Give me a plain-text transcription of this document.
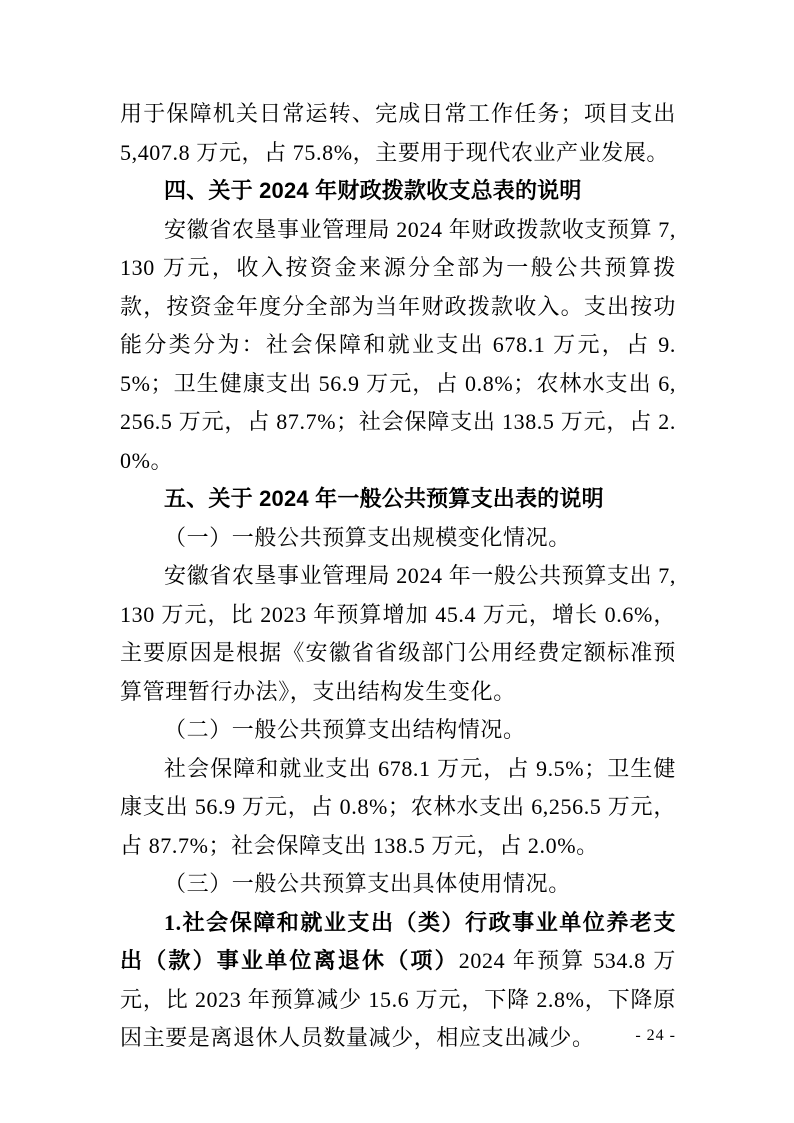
用于保障机关日常运转、完成日常工作任务；项目支出 5,407.8 万元，占 75.8%，主要用于现代农业产业发展。

四、关于 2024 年财政拨款收支总表的说明

安徽省农垦事业管理局 2024 年财政拨款收支预算 7,130 万元，收入按资金来源分全部为一般公共预算拨款，按资金年度分全部为当年财政拨款收入。支出按功能分类分为：社会保障和就业支出 678.1 万元，占 9.5%；卫生健康支出 56.9 万元，占 0.8%；农林水支出 6,256.5 万元，占 87.7%；社会保障支出 138.5 万元，占 2.0%。

五、关于 2024 年一般公共预算支出表的说明

（一）一般公共预算支出规模变化情况。

安徽省农垦事业管理局 2024 年一般公共预算支出 7,130 万元，比 2023 年预算增加 45.4 万元，增长 0.6%，主要原因是根据《安徽省省级部门公用经费定额标准预算管理暂行办法》，支出结构发生变化。

（二）一般公共预算支出结构情况。

社会保障和就业支出 678.1 万元，占 9.5%；卫生健康支出 56.9 万元，占 0.8%；农林水支出 6,256.5 万元，占 87.7%；社会保障支出 138.5 万元，占 2.0%。

（三）一般公共预算支出具体使用情况。

1.社会保障和就业支出（类）行政事业单位养老支出（款）事业单位离退休（项）2024 年预算 534.8 万元，比 2023 年预算减少 15.6 万元，下降 2.8%，下降原因主要是离退休人员数量减少，相应支出减少。	- 24 -
